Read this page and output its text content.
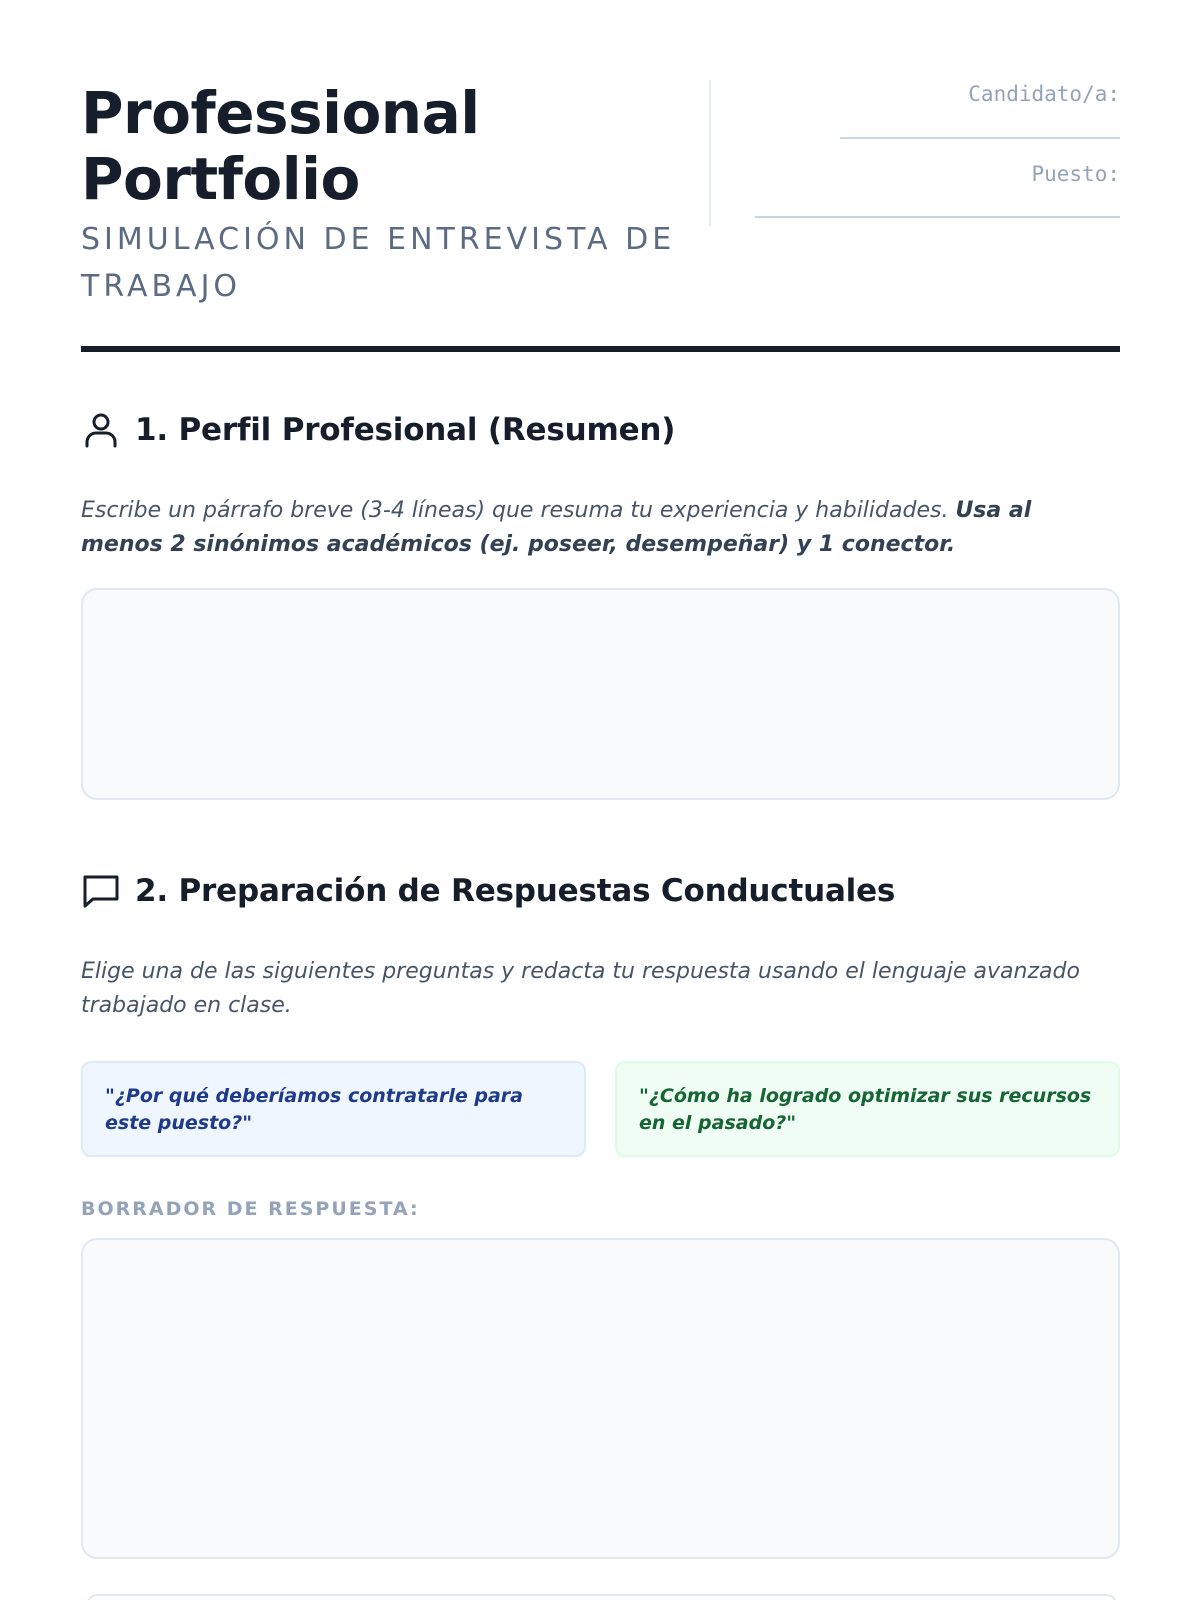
Professional
Portfolio
SIMULACIÓN DE ENTREVISTA DE TRABAJO
Candidato/a:
Puesto:
1. Perfil Profesional (Resumen)
Escribe un párrafo breve (3-4 líneas) que resuma tu experiencia y habilidades. Usa al menos 2 sinónimos académicos (ej. poseer, desempeñar) y 1 conector.
2. Preparación de Respuestas Conductuales
Elige una de las siguientes preguntas y redacta tu respuesta usando el lenguaje avanzado trabajado en clase.
"¿Por qué deberíamos contratarle para este puesto?"
"¿Cómo ha logrado optimizar sus recursos en el pasado?"
BORRADOR DE RESPUESTA:
